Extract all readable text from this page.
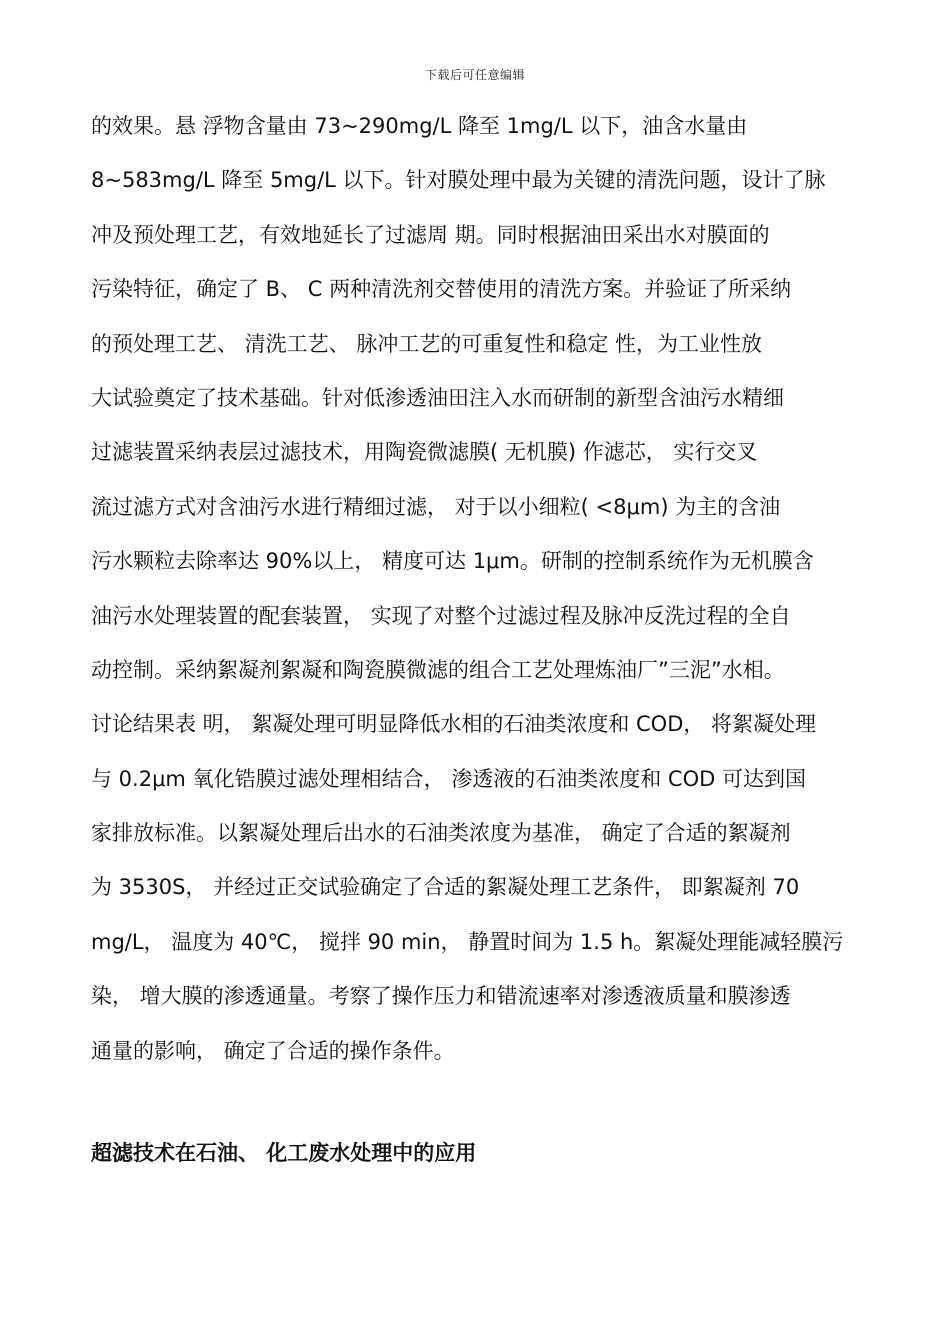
下载后可任意编辑
的效果。悬 浮物含量由 73~290mg/L 降至 1mg/L 以下，油含水量由
8~583mg/L 降至 5mg/L 以下。针对膜处理中最为关键的清洗问题，设计了脉
冲及预处理工艺，有效地延长了过滤周 期。同时根据油田采出水对膜面的
污染特征，确定了 B、 C 两种清洗剂交替使用的清洗方案。并验证了所采纳
的预处理工艺、 清洗工艺、 脉冲工艺的可重复性和稳定 性，为工业性放
大试验奠定了技术基础。针对低渗透油田注入水而研制的新型含油污水精细
过滤装置采纳表层过滤技术，用陶瓷微滤膜( 无机膜) 作滤芯， 实行交叉
流过滤方式对含油污水进行精细过滤， 对于以小细粒( <8μm) 为主的含油
污水颗粒去除率达 90%以上， 精度可达 1μm。研制的控制系统作为无机膜含
油污水处理装置的配套装置， 实现了对整个过滤过程及脉冲反洗过程的全自
动控制。采纳絮凝剂絮凝和陶瓷膜微滤的组合工艺处理炼油厂”三泥”水相。
讨论结果表 明， 絮凝处理可明显降低水相的石油类浓度和 COD， 将絮凝处理
与 0.2μm 氧化锆膜过滤处理相结合， 渗透液的石油类浓度和 COD 可达到国
家排放标准。以絮凝处理后出水的石油类浓度为基准， 确定了合适的絮凝剂
为 3530S， 并经过正交试验确定了合适的絮凝处理工艺条件， 即絮凝剂 70
mg/L， 温度为 40℃， 搅拌 90 min， 静置时间为 1.5 h。絮凝处理能减轻膜污
染， 增大膜的渗透通量。考察了操作压力和错流速率对渗透液质量和膜渗透
通量的影响， 确定了合适的操作条件。
超滤技术在石油、 化工废水处理中的应用
